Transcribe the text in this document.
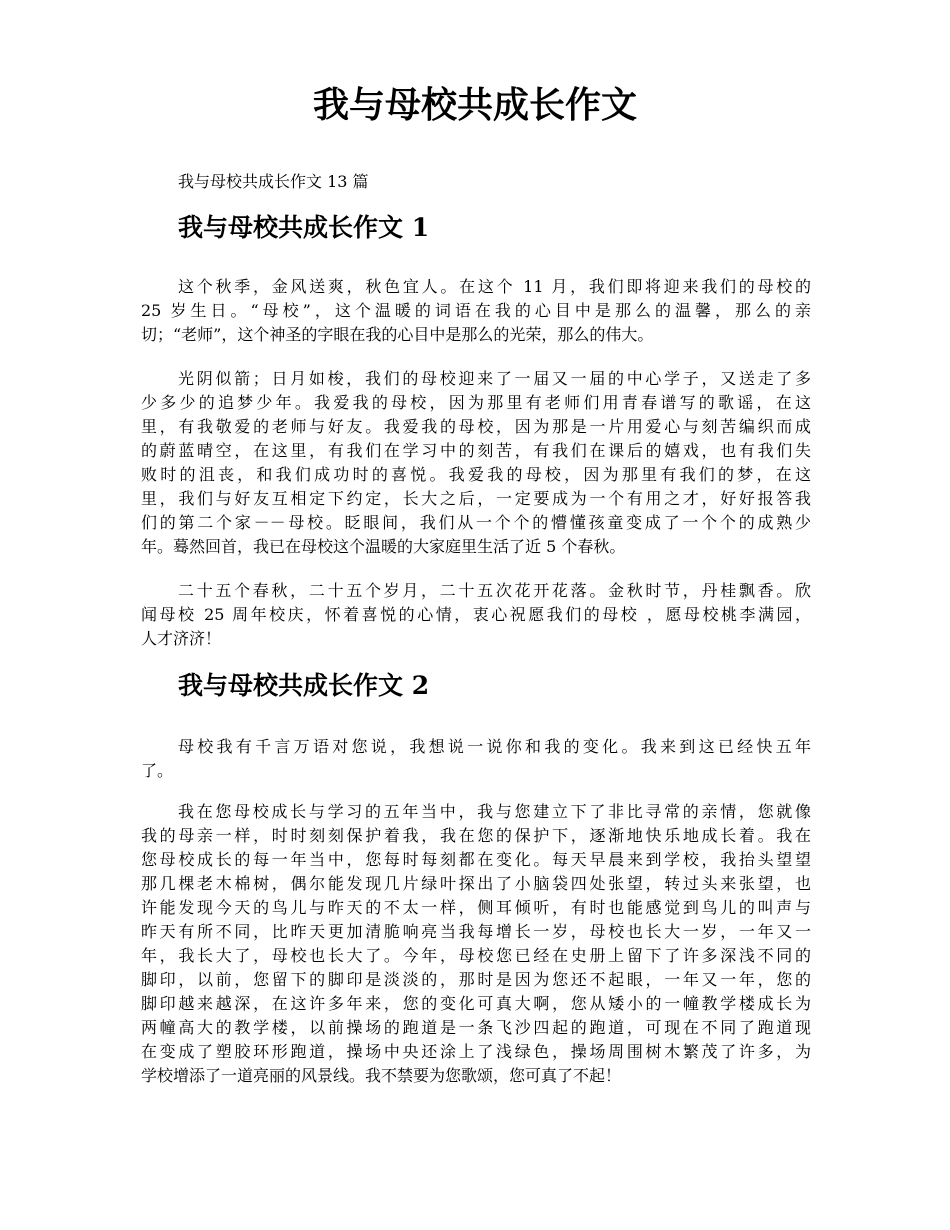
我与母校共成长作文

我与母校共成长作文 13 篇

我与母校共成长作文 1
这个秋季，金风送爽，秋色宜人。在这个 11 月，我们即将迎来我们的母校的
25 岁生日。“母校”，这个温暖的词语在我的心目中是那么的温馨，那么的亲
切；“老师”，这个神圣的字眼在我的心目中是那么的光荣，那么的伟大。
光阴似箭；日月如梭，我们的母校迎来了一届又一届的中心学子，又送走了多
少多少的追梦少年。我爱我的母校，因为那里有老师们用青春谱写的歌谣，在这
里，有我敬爱的老师与好友。我爱我的母校，因为那是一片用爱心与刻苦编织而成
的蔚蓝晴空，在这里，有我们在学习中的刻苦，有我们在课后的嬉戏，也有我们失
败时的沮丧，和我们成功时的喜悦。我爱我的母校，因为那里有我们的梦，在这
里，我们与好友互相定下约定，长大之后，一定要成为一个有用之才，好好报答我
们的第二个家－－母校。眨眼间，我们从一个个的懵懂孩童变成了一个个的成熟少
年。蓦然回首，我已在母校这个温暖的大家庭里生活了近 5 个春秋。
二十五个春秋，二十五个岁月，二十五次花开花落。金秋时节，丹桂飘香。欣
闻母校 25 周年校庆，怀着喜悦的心情，衷心祝愿我们的母校 ，愿母校桃李满园，
人才济济！
我与母校共成长作文 2
母校我有千言万语对您说，我想说一说你和我的变化。我来到这已经快五年
了。
我在您母校成长与学习的五年当中，我与您建立下了非比寻常的亲情，您就像
我的母亲一样，时时刻刻保护着我，我在您的保护下，逐渐地快乐地成长着。我在
您母校成长的每一年当中，您每时每刻都在变化。每天早晨来到学校，我抬头望望
那几棵老木棉树，偶尔能发现几片绿叶探出了小脑袋四处张望，转过头来张望，也
许能发现今天的鸟儿与昨天的不太一样，侧耳倾听，有时也能感觉到鸟儿的叫声与
昨天有所不同，比昨天更加清脆响亮当我每增长一岁，母校也长大一岁，一年又一
年，我长大了，母校也长大了。今年，母校您已经在史册上留下了许多深浅不同的
脚印，以前，您留下的脚印是淡淡的，那时是因为您还不起眼，一年又一年，您的
脚印越来越深，在这许多年来，您的变化可真大啊，您从矮小的一幢教学楼成长为
两幢高大的教学楼，以前操场的跑道是一条飞沙四起的跑道，可现在不同了跑道现
在变成了塑胶环形跑道，操场中央还涂上了浅绿色，操场周围树木繁茂了许多，为
学校增添了一道亮丽的风景线。我不禁要为您歌颂，您可真了不起！
